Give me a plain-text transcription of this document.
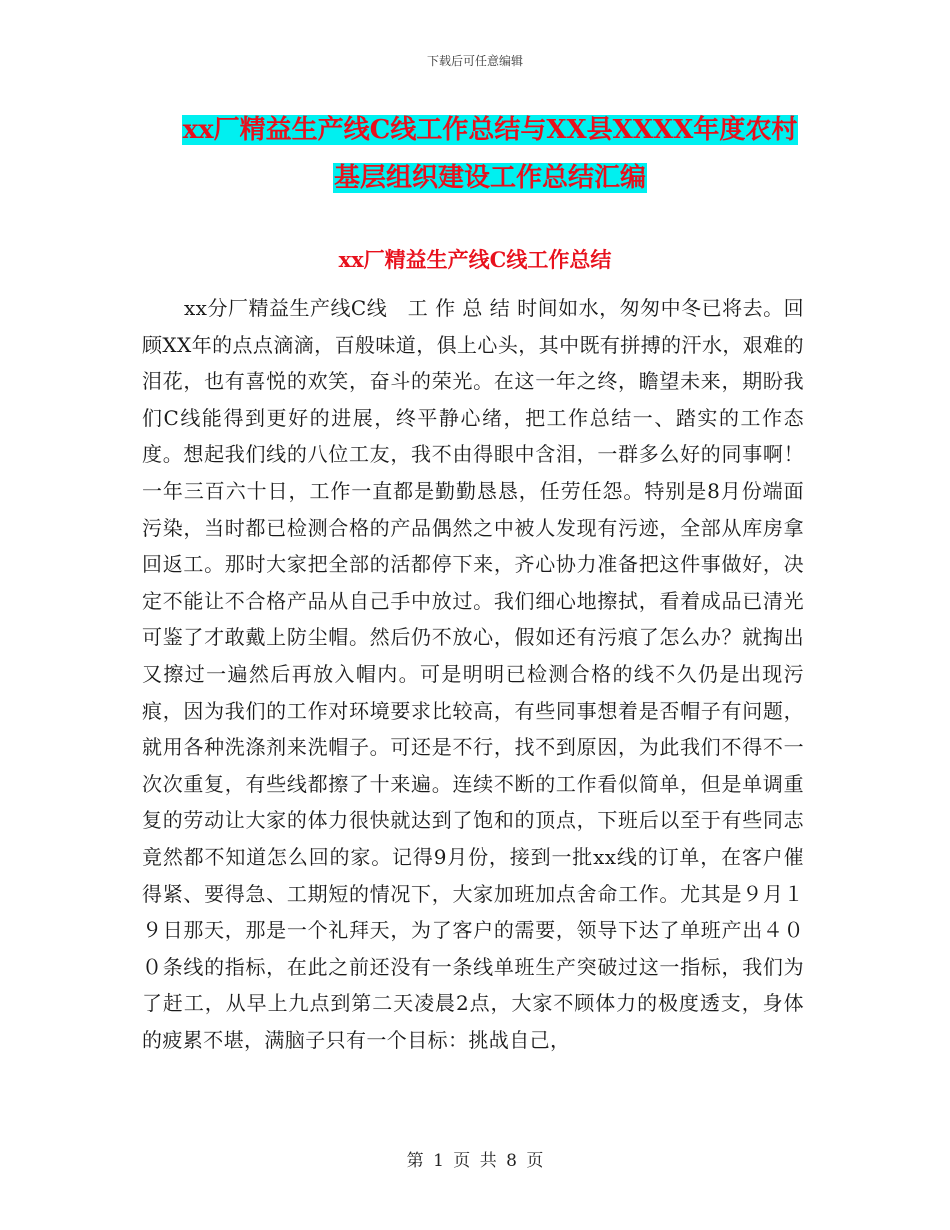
下载后可任意编辑
xx厂精益生产线C线工作总结与XX县XXXX年度农村
基层组织建设工作总结汇编
xx厂精益生产线C线工作总结

xx分厂精益生产线C线　工 作 总 结 时间如水，匆匆中冬已将去。回顾XX年的点点滴滴，百般味道，俱上心头，其中既有拼搏的汗水，艰难的泪花，也有喜悦的欢笑，奋斗的荣光。在这一年之终，瞻望未来，期盼我们C线能得到更好的进展，终平静心绪，把工作总结一、踏实的工作态度。想起我们线的八位工友，我不由得眼中含泪，一群多么好的同事啊！一年三百六十日，工作一直都是勤勤恳恳，任劳任怨。特别是8月份端面污染，当时都已检测合格的产品偶然之中被人发现有污迹，全部从库房拿回返工。那时大家把全部的活都停下来，齐心协力准备把这件事做好，决定不能让不合格产品从自己手中放过。我们细心地擦拭，看着成品已清光可鉴了才敢戴上防尘帽。然后仍不放心，假如还有污痕了怎么办？就掏出又擦过一遍然后再放入帽内。可是明明已检测合格的线不久仍是出现污痕，因为我们的工作对环境要求比较高，有些同事想着是否帽子有问题，就用各种洗涤剂来洗帽子。可还是不行，找不到原因，为此我们不得不一次次重复，有些线都擦了十来遍。连续不断的工作看似简单，但是单调重复的劳动让大家的体力很快就达到了饱和的顶点，下班后以至于有些同志竟然都不知道怎么回的家。记得9月份，接到一批xx线的订单，在客户催得紧、要得急、工期短的情况下，大家加班加点舍命工作。尤其是９月１９日那天，那是一个礼拜天，为了客户的需要，领导下达了单班产出４００条线的指标，在此之前还没有一条线单班生产突破过这一指标，我们为了赶工，从早上九点到第二天凌晨2点，大家不顾体力的极度透支，身体的疲累不堪，满脑子只有一个目标：挑战自己，

第 1 页 共 8 页
